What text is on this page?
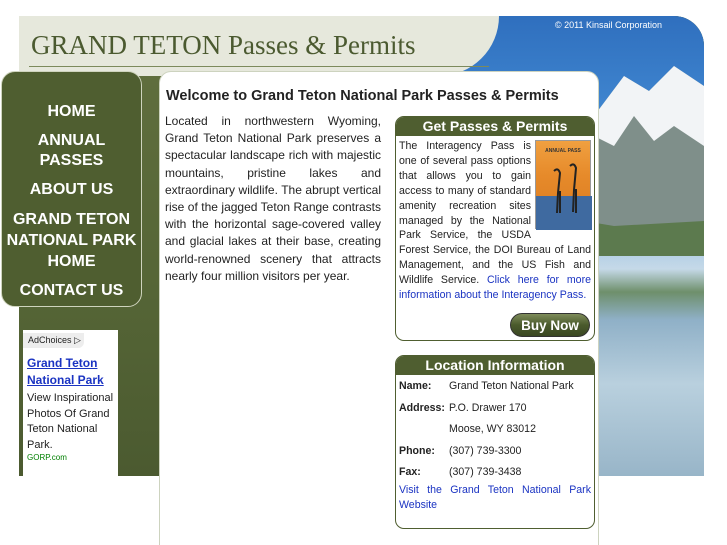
GRAND TETON Passes & Permits
© 2011 Kinsail Corporation
HOME
ANNUAL PASSES
ABOUT US
GRAND TETON NATIONAL PARK HOME
CONTACT US
AdChoices ▷
Grand Teton National Park
View Inspirational Photos Of Grand Teton National Park.
GORP.com
Welcome to Grand Teton National Park Passes & Permits

Located in northwestern Wyoming, Grand Teton National Park preserves a spectacular landscape rich with majestic mountains, pristine lakes and extraordinary wildlife. The abrupt vertical rise of the jagged Teton Range contrasts with the horizontal sage-covered valley and glacial lakes at their base, creating world-renowned scenery that attracts nearly four million visitors per year.

Get Passes & Permits
ANNUAL PASS
The Interagency Pass is one of several pass options that allows you to gain access to many of standard amenity recreation sites managed by the National Park Service, the USDA Forest Service, the DOI Bureau of Land Management, and the US Fish and Wildlife Service. Click here for more information about the Interagency Pass.
Buy Now
Location Information
Name:	Grand Teton National Park
Address: P.O. Drawer 170
Moose, WY 83012
Phone:	(307) 739-3300
Fax:	(307) 739-3438
Visit the Grand Teton National Park Website
